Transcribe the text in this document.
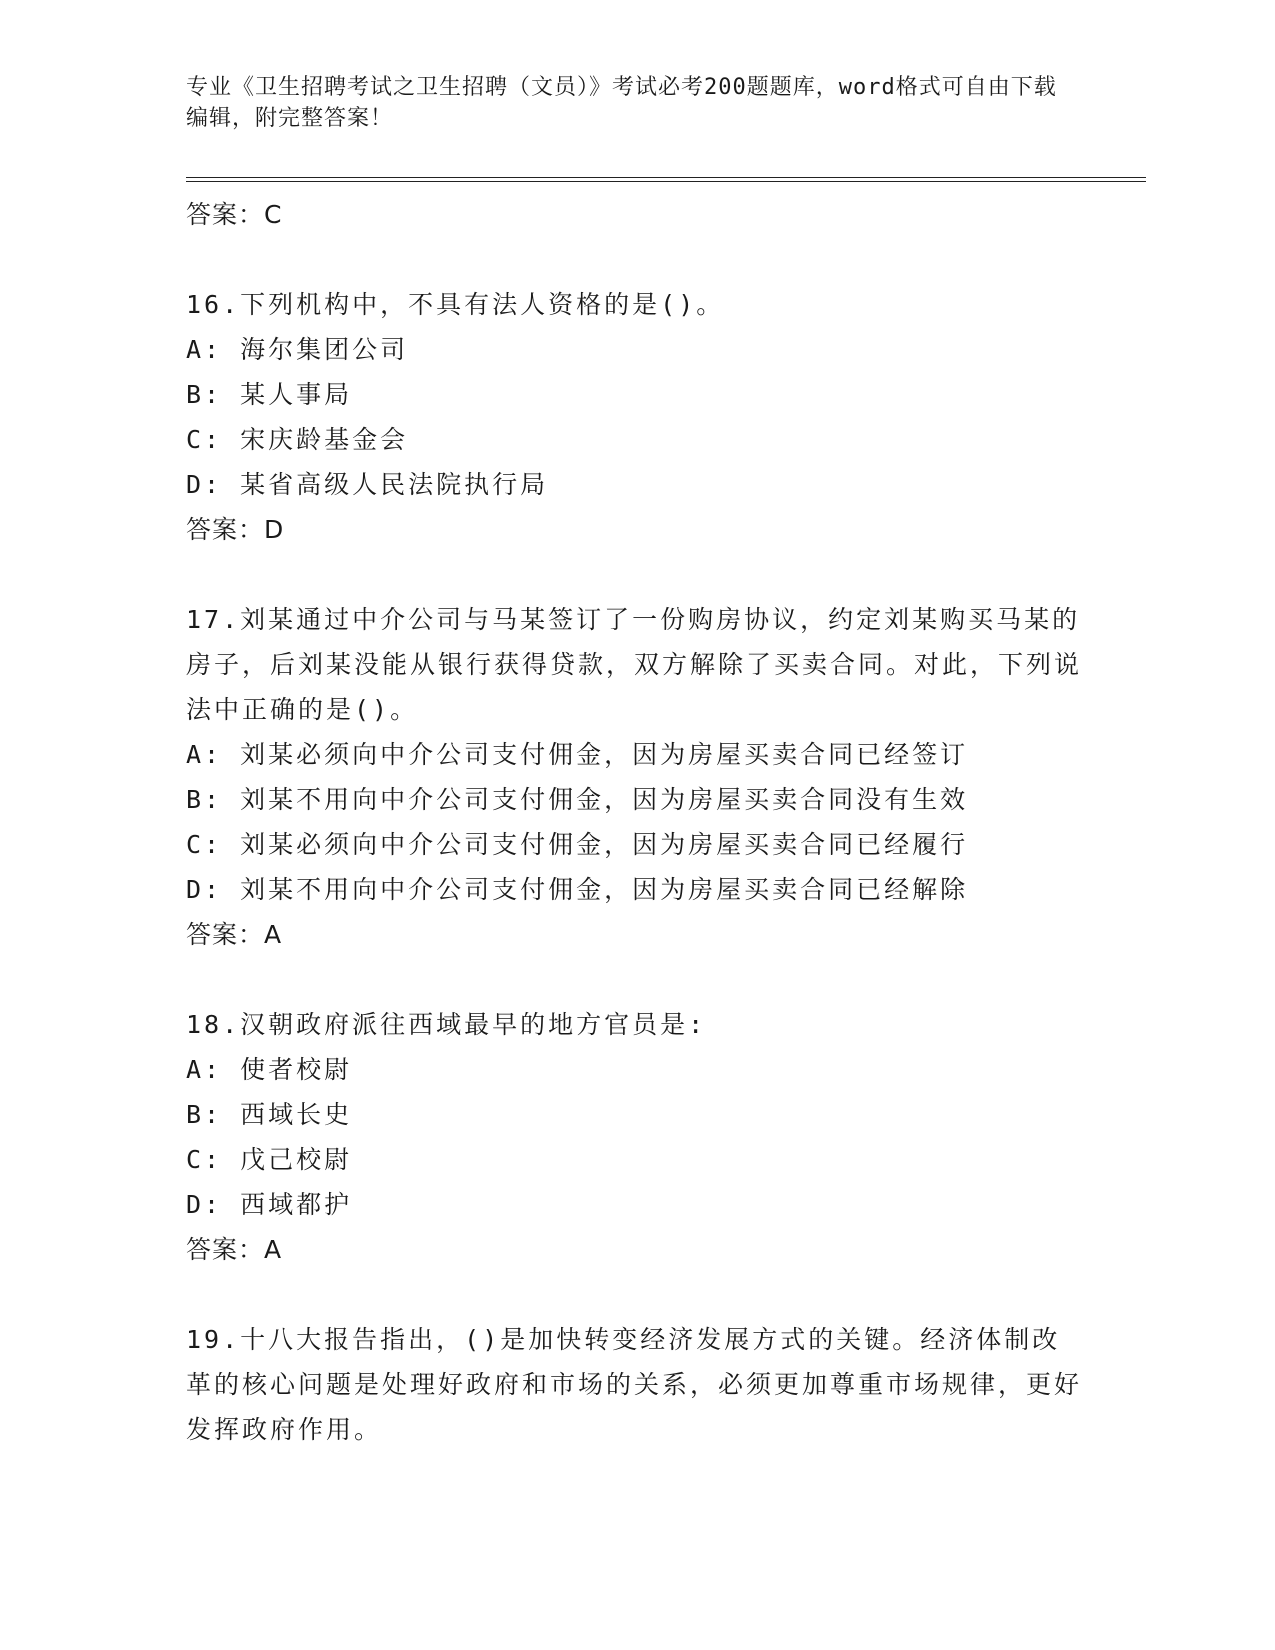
专业《卫生招聘考试之卫生招聘（文员）》考试必考200题题库，word格式可自由下载编辑，附完整答案！
答案：C
16.下列机构中，不具有法人资格的是()。
A: 海尔集团公司
B: 某人事局
C: 宋庆龄基金会
D: 某省高级人民法院执行局
答案：D
17.刘某通过中介公司与马某签订了一份购房协议，约定刘某购买马某的房子，后刘某没能从银行获得贷款，双方解除了买卖合同。对此，下列说法中正确的是()。
A: 刘某必须向中介公司支付佣金，因为房屋买卖合同已经签订
B: 刘某不用向中介公司支付佣金，因为房屋买卖合同没有生效
C: 刘某必须向中介公司支付佣金，因为房屋买卖合同已经履行
D: 刘某不用向中介公司支付佣金，因为房屋买卖合同已经解除
答案：A
18.汉朝政府派往西域最早的地方官员是:
A: 使者校尉
B: 西域长史
C: 戊己校尉
D: 西域都护
答案：A
19.十八大报告指出，()是加快转变经济发展方式的关键。经济体制改革的核心问题是处理好政府和市场的关系，必须更加尊重市场规律，更好发挥政府作用。
